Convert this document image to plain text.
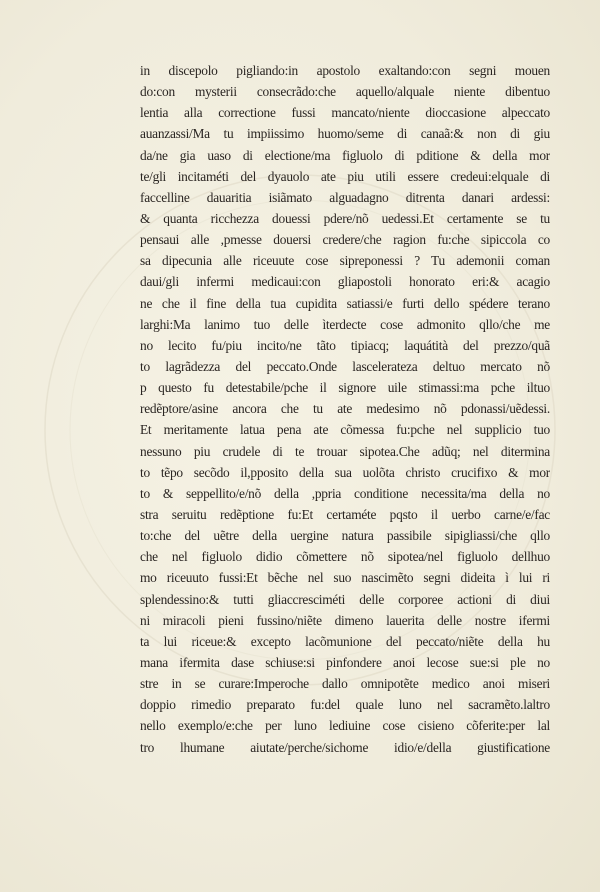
in discepolo pigliando:in apostolo exaltando:con segni mouen
do:con mysterii consecrãdo:che aquello/alquale niente dibentuo
lentia alla correctione fussi mancato/niente dioccasione alpeccato
auanzassi/Ma tu impiissimo huomo/seme di canaã:& non di giu
da/ne gia uaso di electione/ma figluolo di pditione & della mor
te/gli incitaméti del dyauolo ate piu utili essere credeui:elquale di
faccelline dauaritia isiãmato alguadagno ditrenta danari ardessi:
& quanta ricchezza douessi pdere/nõ uedessi.Et certamente se tu
pensaui alle ,pmesse douersi credere/che ragion fu:che sipiccola co
sa dipecunia alle riceuute cose sipreponessi ? Tu ademonii coman
daui/gli infermi medicaui:con gliapostoli honorato eri:& acagio
ne che il fine della tua cupidita satiassi/e furti dello spédere terano
larghi:Ma lanimo tuo delle ìterdecte cose admonito qllo/che me
no lecito fu/piu incito/ne tãto tipiacq; laquátità del prezzo/quã
to lagrãdezza del peccato.Onde lascelerateza deltuo mercato nõ
p questo fu detestabile/pche il signore uile stimassi:ma pche iltuo
redẽptore/asine ancora che tu ate medesimo nõ pdonassi/uẽdessi.
Et meritamente latua pena ate cõmessa fu:pche nel supplicio tuo
nessuno piu crudele di te trouar sipotea.Che adũq; nel ditermina
to tẽpo secõdo il,pposito della sua uolõta christo crucifixo & mor
to & seppellito/e/nõ della ,ppria conditione necessita/ma della no
stra seruitu redẽptione fu:Et certaméte pqsto il uerbo carne/e/fac
to:che del uẽtre della uergine natura passibile sipigliassi/che qllo
che nel figluolo didio cõmettere nõ sipotea/nel figluolo dellhuo
mo riceuuto fussi:Et bẽche nel suo nascimẽto segni dideita ì lui ri
splendessino:& tutti gliaccresciméti delle corporee actioni di diui
ni miracoli pieni fussino/niẽte dimeno lauerita delle nostre ifermi
ta lui riceue:& excepto lacõmunione del peccato/niẽte della hu
mana ifermita dase schiuse:si pinfondere anoi lecose sue:si ple no
stre in se curare:Imperoche dallo omnipotẽte medico anoi miseri
doppio rimedio preparato fu:del quale luno nel sacramẽto.laltro
nello exemplo/e:che per luno lediuine cose cisieno cõferite:per lal
tro lhumane aiutate/perche/sichome idio/e/della giustificatione
